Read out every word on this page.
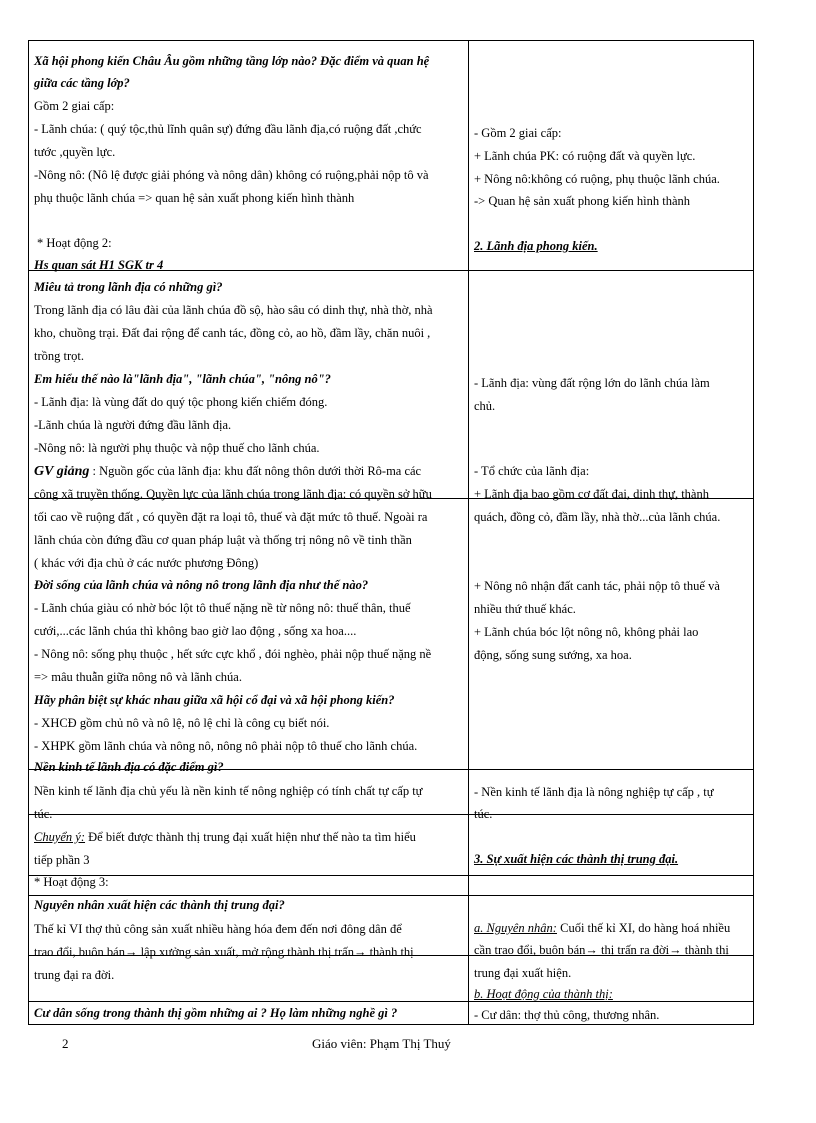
Xã hội phong kiến Châu Âu gồm những tầng lớp nào? Đặc điểm và quan hệ
giữa các tầng lớp?
Gồm 2 giai cấp:
- Lãnh chúa: ( quý tộc,thủ lĩnh quân sự) đứng đầu lãnh địa,có ruộng đất ,chức
tước ,quyền lực.
-Nông nô: (Nô lệ được giải phóng và nông dân) không có ruộng,phải nộp tô và
phụ thuộc lãnh chúa => quan hệ sản xuất phong kiến hình thành
* Hoạt động 2:
Hs quan sát H1 SGK tr 4
Miêu tả trong lãnh địa có những gì?
Trong lãnh địa có lâu đài của lãnh chúa đồ sộ, hào sâu có dinh thự, nhà thờ, nhà
kho, chuồng trại. Đất đai rộng để canh tác, đồng cỏ, ao hồ, đầm lầy, chăn nuôi ,
trồng trọt.
Em hiểu thế nào là"lãnh địa", "lãnh chúa", "nông nô"?
- Lãnh địa: là vùng đất do quý tộc phong kiến chiếm đóng.
-Lãnh chúa là người đứng đầu lãnh địa.
-Nông nô: là người phụ thuộc và nộp thuế cho lãnh chúa.
GV giảng : Nguồn gốc của lãnh địa: khu đất nông thôn dưới thời Rô-ma các
công xã truyền thống. Quyền lực của lãnh chúa trong lãnh địa: có quyền sở hữu
tối cao về ruộng đất , có quyền đặt ra loại tô, thuế và đặt mức tô thuế. Ngoài ra
lãnh chúa còn đứng đầu cơ quan pháp luật và thống trị nông nô về tinh thần
( khác với địa chủ ở các nước phương Đông)
Đời sống của lãnh chúa và nông nô trong lãnh địa như thế nào?
- Lãnh chúa giàu có nhờ bóc lột tô thuế nặng nề từ nông nô: thuế thân, thuế
cưới,...các lãnh chúa thì không bao giờ lao động , sống xa hoa....
- Nông nô: sống phụ thuộc , hết sức cực khổ , đói nghèo, phải nộp thuế nặng nề
=> mâu thuẫn giữa nông nô và lãnh chúa.
Hãy phân biệt sự khác nhau giữa xã hội cổ đại và xã hội phong kiến?
- XHCĐ gồm chủ nô và nô lệ, nô lệ chỉ là công cụ biết nói.
- XHPK gồm lãnh chúa và nông nô, nông nô phải nộp tô thuế cho lãnh chúa.
Nền kinh tế lãnh địa có đặc điểm gì?
Nền kinh tế lãnh địa chủ yếu là nền kinh tế nông nghiệp có tính chất tự cấp tự
túc.
Chuyển ý: Để biết được thành thị trung đại xuất hiện như thế nào ta tìm hiểu
tiếp phần 3
* Hoạt động 3:
Nguyên nhân xuất hiện các thành thị trung đại?
Thế kỉ VI thợ thủ công sản xuất nhiều hàng hóa đem đến nơi đông dân để
trao đổi, buôn bán→ lập xưởng sản xuất, mở rộng thành thị trấn→ thành thị
trung đại ra đời.
Cư dân sống trong thành thị gồm những ai ? Họ làm những nghề gì ?
- Gồm 2 giai cấp:
+ Lãnh chúa PK: có ruộng đất và quyền lực.
+ Nông nô:không có ruộng, phụ thuộc lãnh chúa.
-> Quan hệ sản xuất phong kiến hình thành
2. Lãnh địa phong kiến.
- Lãnh địa: vùng đất rộng lớn do lãnh chúa làm
chủ.
- Tổ chức của lãnh địa:
+ Lãnh địa bao gồm cơ đất đai, dinh thự, thành
quách, đồng cỏ, đầm lầy, nhà thờ...của lãnh chúa.
+ Nông nô nhận đất canh tác, phải nộp tô thuế và
nhiều thứ thuế khác.
+ Lãnh chúa bóc lột nông nô, không phải lao
động, sống sung sướng, xa hoa.
- Nền kinh tế lãnh địa là nông nghiệp tự cấp , tự
túc.
3. Sự xuất hiện các thành thị trung đại.
a. Nguyên nhân: Cuối thế kỉ XI, do hàng hoá nhiều
cần trao đổi, buôn bán→ thị trấn ra đời→ thành thị
trung đại xuất hiện.
b. Hoạt động của thành thị:
- Cư dân: thợ thủ công, thương nhân.
2	Giáo viên: Phạm Thị Thuý
